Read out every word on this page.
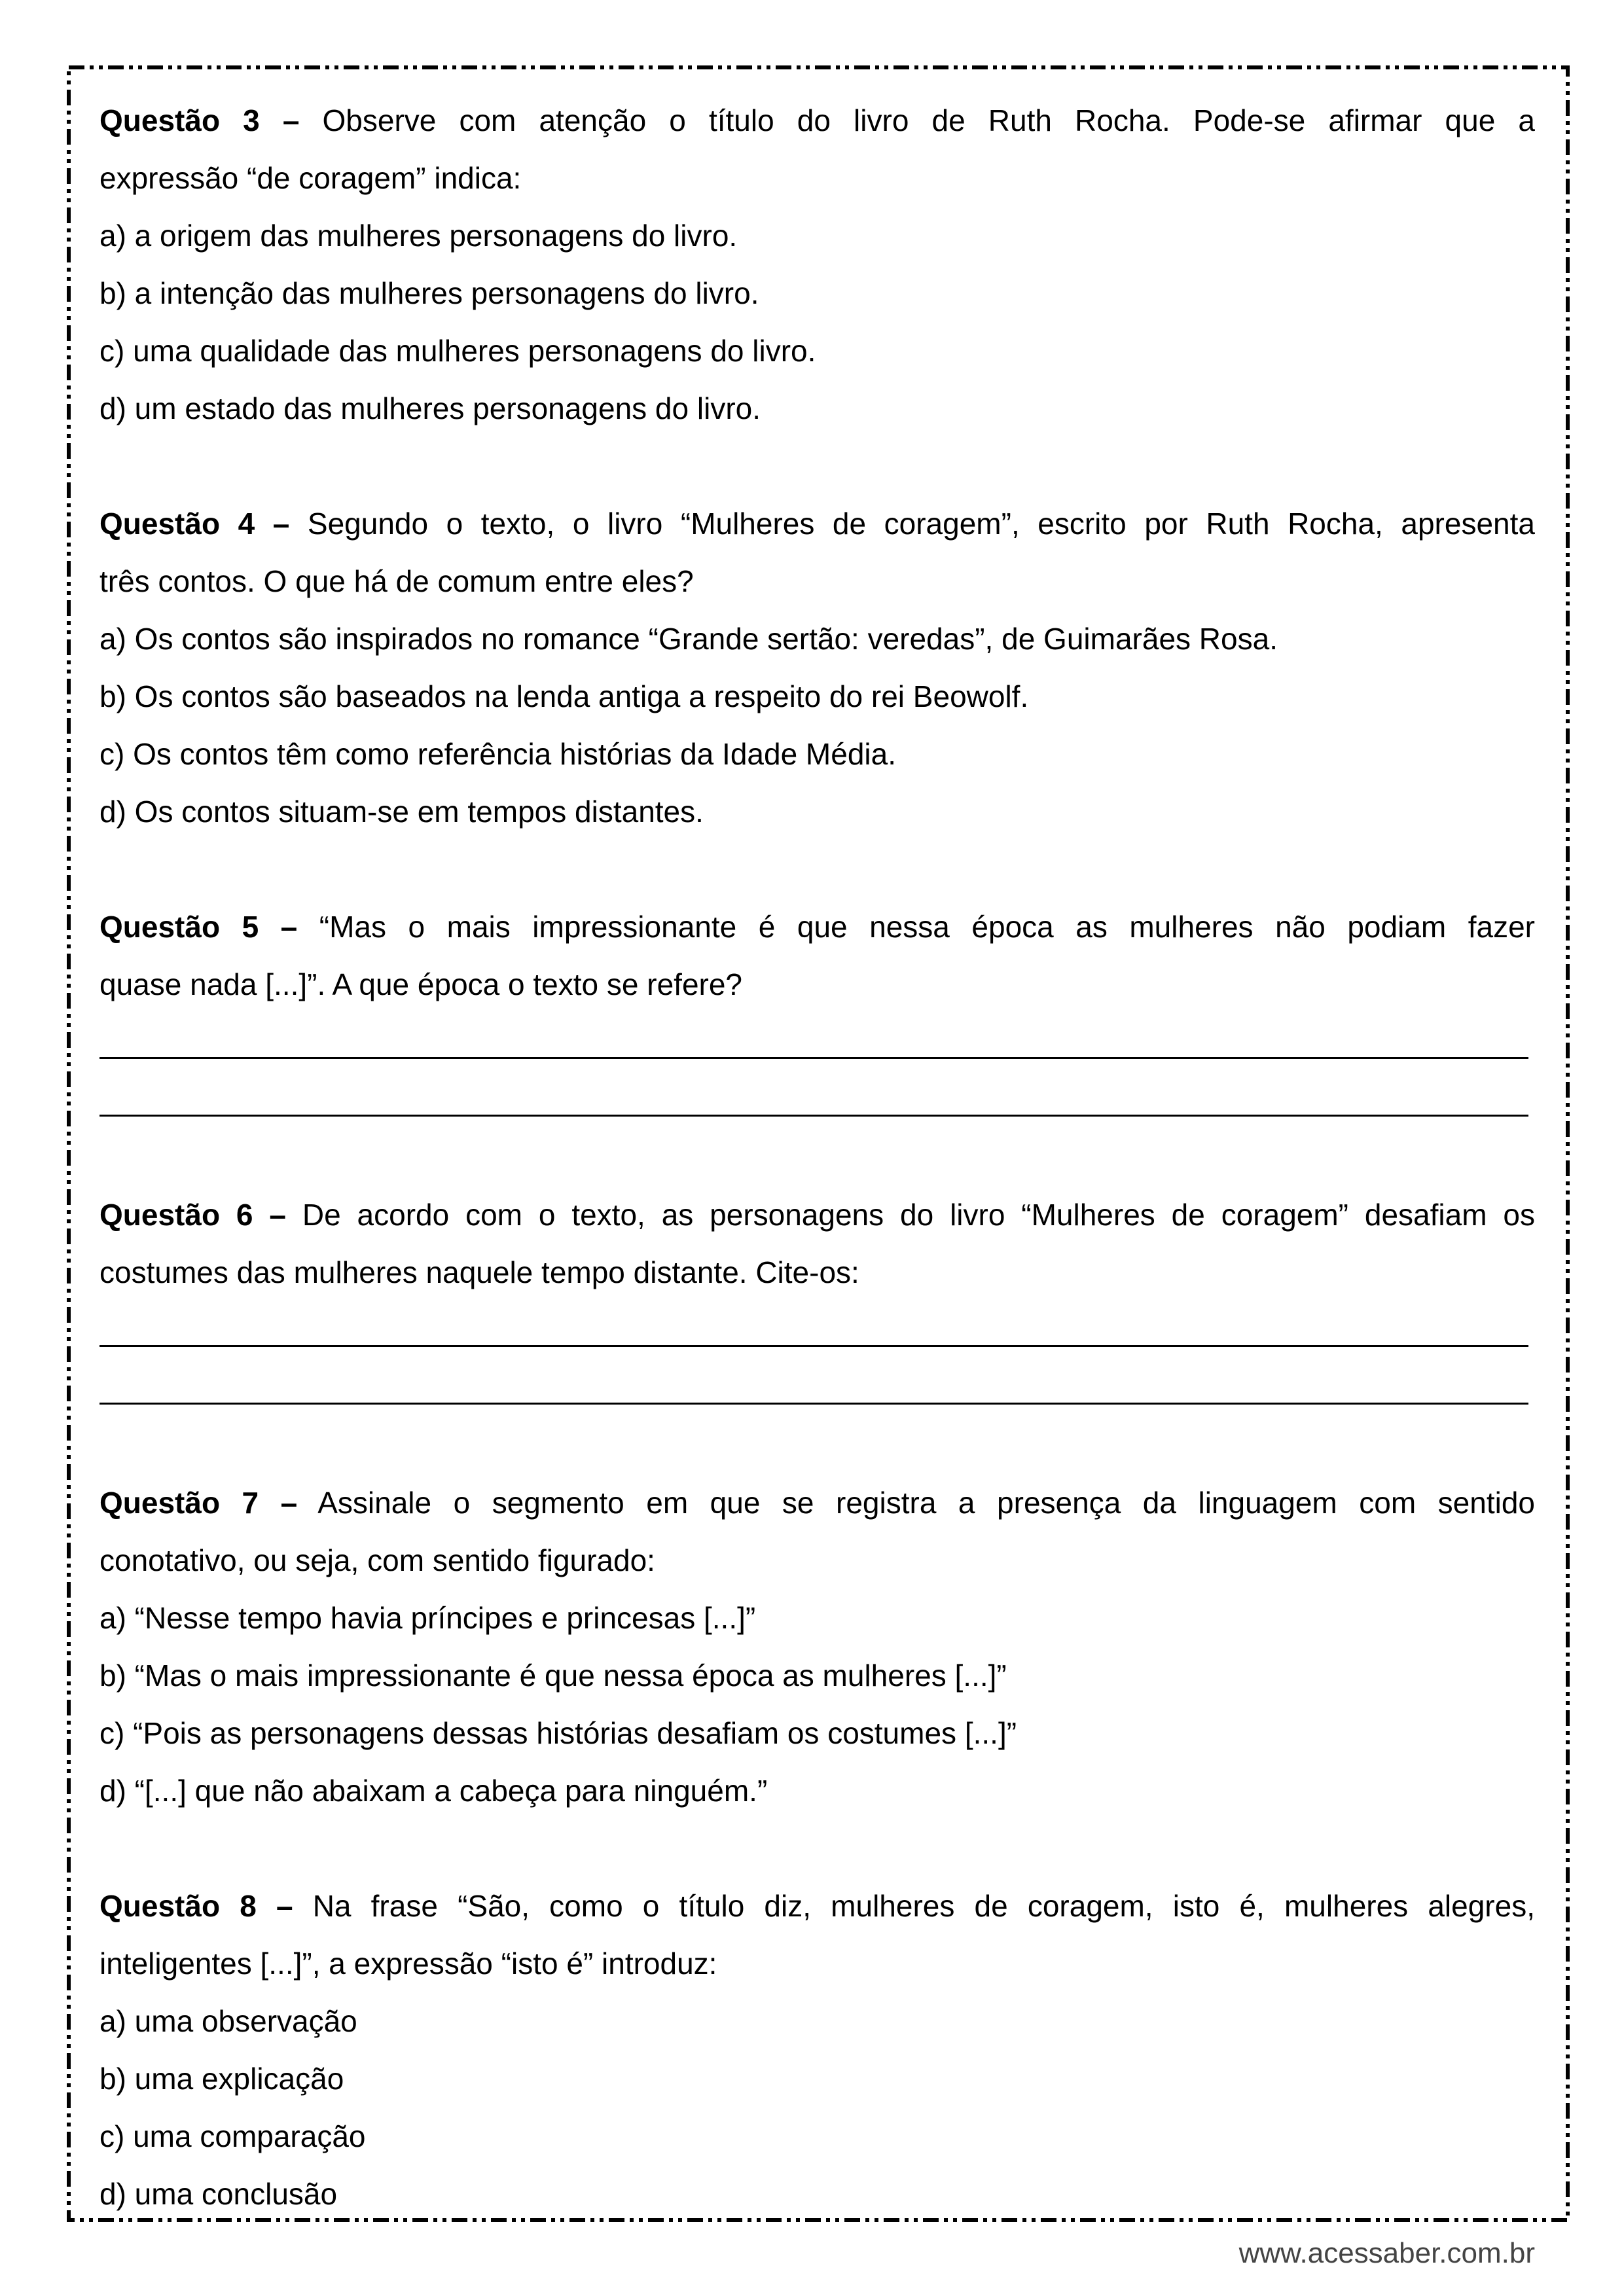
Questão 3 – Observe com atenção o título do livro de Ruth Rocha. Pode-se afirmar que a
expressão “de coragem” indica:
a) a origem das mulheres personagens do livro.
b) a intenção das mulheres personagens do livro.
c) uma qualidade das mulheres personagens do livro.
d) um estado das mulheres personagens do livro.
Questão 4 – Segundo o texto, o livro “Mulheres de coragem”, escrito por Ruth Rocha, apresenta
três contos. O que há de comum entre eles?
a) Os contos são inspirados no romance “Grande sertão: veredas”, de Guimarães Rosa.
b) Os contos são baseados na lenda antiga a respeito do rei Beowolf.
c) Os contos têm como referência histórias da Idade Média.
d) Os contos situam-se em tempos distantes.
Questão 5 – “Mas o mais impressionante é que nessa época as mulheres não podiam fazer
quase nada [...]”. A que época o texto se refere?
Questão 6 – De acordo com o texto, as personagens do livro “Mulheres de coragem” desafiam os
costumes das mulheres naquele tempo distante. Cite-os:
Questão 7 – Assinale o segmento em que se registra a presença da linguagem com sentido
conotativo, ou seja, com sentido figurado:
a) “Nesse tempo havia príncipes e princesas [...]”
b) “Mas o mais impressionante é que nessa época as mulheres [...]”
c) “Pois as personagens dessas histórias desafiam os costumes [...]”
d) “[...] que não abaixam a cabeça para ninguém.”
Questão 8 – Na frase “São, como o título diz, mulheres de coragem, isto é, mulheres alegres,
inteligentes [...]”, a expressão “isto é” introduz:
a) uma observação
b) uma explicação
c) uma comparação
d) uma conclusão
www.acessaber.com.br
